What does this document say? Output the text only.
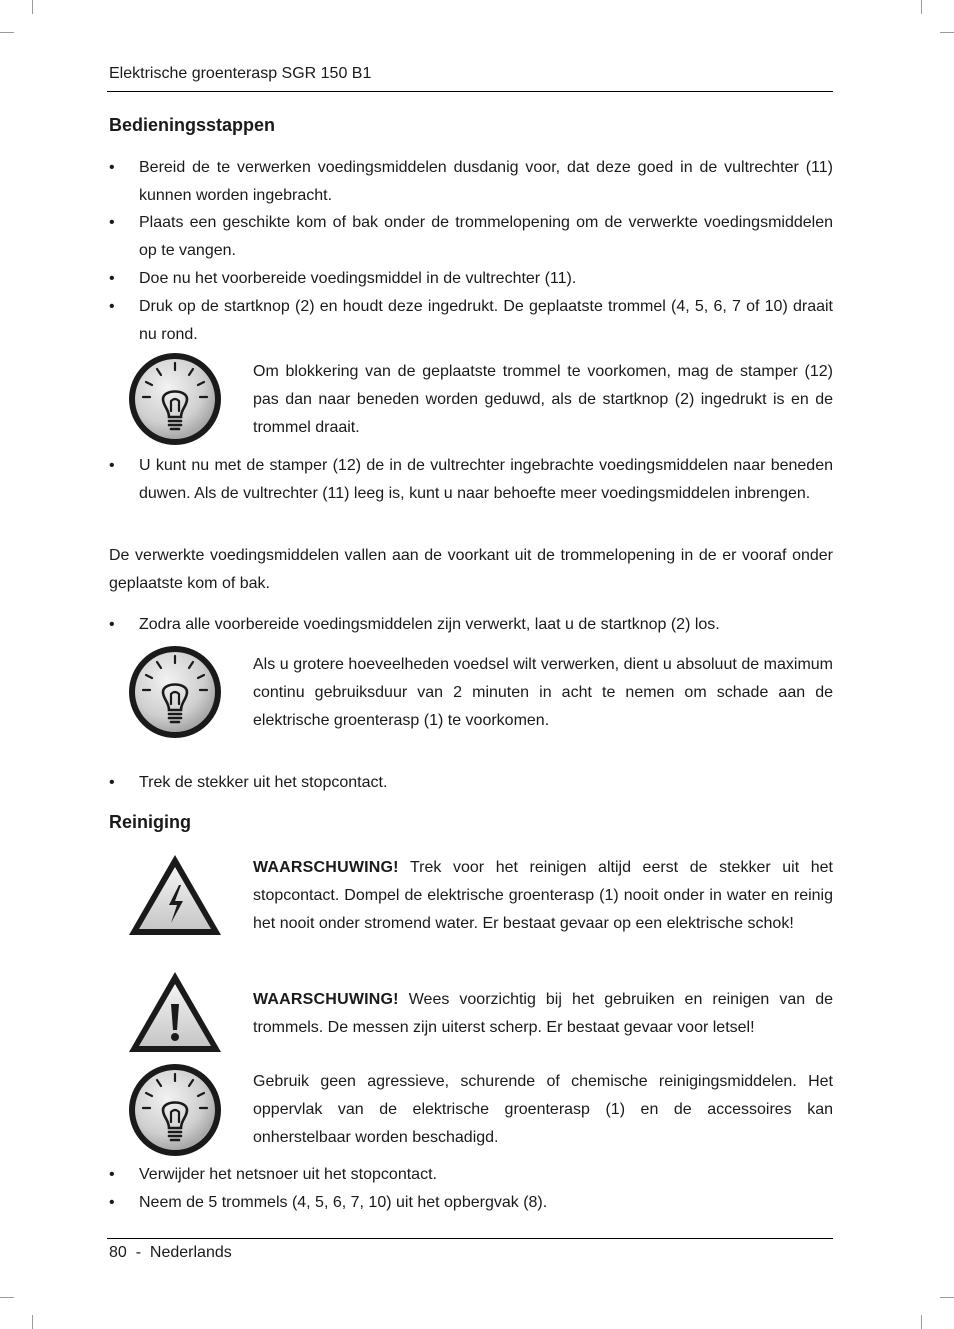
Elektrische groenterasp SGR 150 B1
Bedieningsstappen
•	Bereid de te verwerken voedingsmiddelen dusdanig voor, dat deze goed in de vultrechter (11) kunnen worden ingebracht.
•	Plaats een geschikte kom of bak onder de trommelopening om de verwerkte voedingsmiddelen op te vangen.
•	Doe nu het voorbereide voedingsmiddel in de vultrechter (11).
•	Druk op de startknop (2) en houdt deze ingedrukt. De geplaatste trommel (4, 5, 6, 7 of 10) draait nu rond.
Om blokkering van de geplaatste trommel te voorkomen, mag de stamper (12) pas dan naar beneden worden geduwd, als de startknop (2) ingedrukt is en de trommel draait.
•	U kunt nu met de stamper (12) de in de vultrechter ingebrachte voedingsmiddelen naar beneden duwen. Als de vultrechter (11) leeg is, kunt u naar behoefte meer voedingsmiddelen inbrengen.
De verwerkte voedingsmiddelen vallen aan de voorkant uit de trommelopening in de er vooraf onder geplaatste kom of bak.
•	Zodra alle voorbereide voedingsmiddelen zijn verwerkt, laat u de startknop (2) los.
Als u grotere hoeveelheden voedsel wilt verwerken, dient u absoluut de maximum continu gebruiksduur van 2 minuten in acht te nemen om schade aan de elektrische groenterasp (1) te voorkomen.
•	Trek de stekker uit het stopcontact.
Reiniging
WAARSCHUWING! Trek voor het reinigen altijd eerst de stekker uit het stopcontact. Dompel de elektrische groenterasp (1) nooit onder in water en reinig het nooit onder stromend water. Er bestaat gevaar op een elektrische schok!
WAARSCHUWING! Wees voorzichtig bij het gebruiken en reinigen van de trommels. De messen zijn uiterst scherp. Er bestaat gevaar voor letsel!
Gebruik geen agressieve, schurende of chemische reinigingsmiddelen. Het oppervlak van de elektrische groenterasp (1) en de accessoires kan onherstelbaar worden beschadigd.
•	Verwijder het netsnoer uit het stopcontact.
•	Neem de 5 trommels (4, 5, 6, 7, 10) uit het opbergvak (8).
80 - Nederlands
